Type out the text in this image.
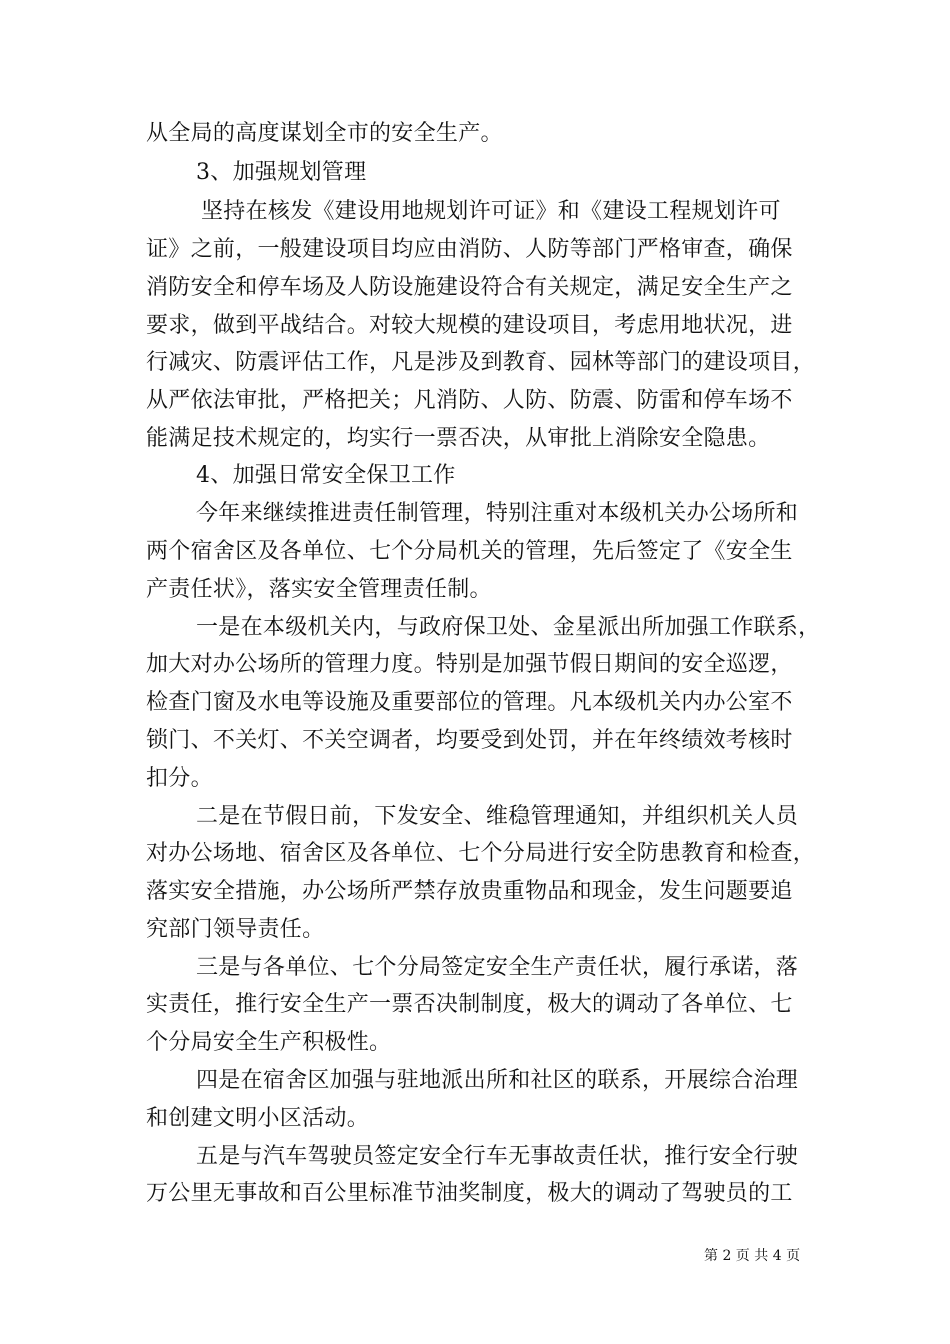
从全局的高度谋划全市的安全生产。
3、加强规划管理
坚持在核发《建设用地规划许可证》和《建设工程规划许可
证》之前，一般建设项目均应由消防、人防等部门严格审查，确保
消防安全和停车场及人防设施建设符合有关规定，满足安全生产之
要求，做到平战结合。对较大规模的建设项目，考虑用地状况，进
行减灾、防震评估工作，凡是涉及到教育、园林等部门的建设项目，
从严依法审批，严格把关；凡消防、人防、防震、防雷和停车场不
能满足技术规定的，均实行一票否决，从审批上消除安全隐患。
4、加强日常安全保卫工作
今年来继续推进责任制管理，特别注重对本级机关办公场所和
两个宿舍区及各单位、七个分局机关的管理，先后签定了《安全生
产责任状》，落实安全管理责任制。
一是在本级机关内，与政府保卫处、金星派出所加强工作联系，
加大对办公场所的管理力度。特别是加强节假日期间的安全巡逻，
检查门窗及水电等设施及重要部位的管理。凡本级机关内办公室不
锁门、不关灯、不关空调者，均要受到处罚，并在年终绩效考核时
扣分。
二是在节假日前，下发安全、维稳管理通知，并组织机关人员
对办公场地、宿舍区及各单位、七个分局进行安全防患教育和检查，
落实安全措施，办公场所严禁存放贵重物品和现金，发生问题要追
究部门领导责任。
三是与各单位、七个分局签定安全生产责任状，履行承诺，落
实责任，推行安全生产一票否决制制度，极大的调动了各单位、七
个分局安全生产积极性。
四是在宿舍区加强与驻地派出所和社区的联系，开展综合治理
和创建文明小区活动。
五是与汽车驾驶员签定安全行车无事故责任状，推行安全行驶
万公里无事故和百公里标准节油奖制度，极大的调动了驾驶员的工
第 2 页 共 4 页
